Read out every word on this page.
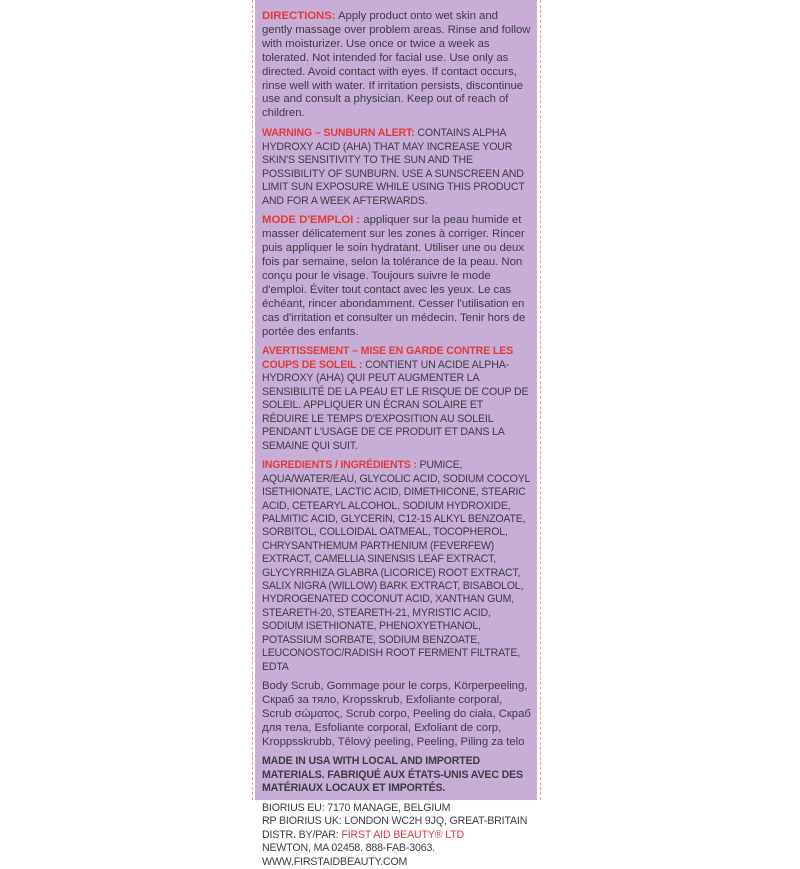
DIRECTIONS: Apply product onto wet skin and gently massage over problem areas. Rinse and follow with moisturizer. Use once or twice a week as tolerated. Not intended for facial use. Use only as directed. Avoid contact with eyes. If contact occurs, rinse well with water. If irritation persists, discontinue use and consult a physician. Keep out of reach of children.

WARNING – SUNBURN ALERT: CONTAINS ALPHA HYDROXY ACID (AHA) THAT MAY INCREASE YOUR SKIN'S SENSITIVITY TO THE SUN AND THE POSSIBILITY OF SUNBURN. USE A SUNSCREEN AND LIMIT SUN EXPOSURE WHILE USING THIS PRODUCT AND FOR A WEEK AFTERWARDS.

MODE D'EMPLOI : appliquer sur la peau humide et masser délicatement sur les zones à corriger. Rincer puis appliquer le soin hydratant. Utiliser une ou deux fois par semaine, selon la tolérance de la peau. Non conçu pour le visage. Toujours suivre le mode d'emploi. Éviter tout contact avec les yeux. Le cas échéant, rincer abondamment. Cesser l'utilisation en cas d'irritation et consulter un médecin. Tenir hors de portée des enfants.

AVERTISSEMENT – MISE EN GARDE CONTRE LES COUPS DE SOLEIL : CONTIENT UN ACIDE ALPHA-HYDROXY (AHA) QUI PEUT AUGMENTER LA SENSIBILITÉ DE LA PEAU ET LE RISQUE DE COUP DE SOLEIL. APPLIQUER UN ÉCRAN SOLAIRE ET RÉDUIRE LE TEMPS D'EXPOSITION AU SOLEIL PENDANT L'USAGE DE CE PRODUIT ET DANS LA SEMAINE QUI SUIT.

INGREDIENTS / INGRÉDIENTS : PUMICE, AQUA/WATER/EAU, GLYCOLIC ACID, SODIUM COCOYL ISETHIONATE, LACTIC ACID, DIMETHICONE, STEARIC ACID, CETEARYL ALCOHOL, SODIUM HYDROXIDE, PALMITIC ACID, GLYCERIN, C12-15 ALKYL BENZOATE, SORBITOL, COLLOIDAL OATMEAL, TOCOPHEROL, CHRYSANTHEMUM PARTHENIUM (FEVERFEW) EXTRACT, CAMELLIA SINENSIS LEAF EXTRACT, GLYCYRRHIZA GLABRA (LICORICE) ROOT EXTRACT, SALIX NIGRA (WILLOW) BARK EXTRACT, BISABOLOL, HYDROGENATED COCONUT ACID, XANTHAN GUM, STEARETH-20, STEARETH-21, MYRISTIC ACID, SODIUM ISETHIONATE, PHENOXYETHANOL, POTASSIUM SORBATE, SODIUM BENZOATE, LEUCONOSTOC/RADISH ROOT FERMENT FILTRATE, EDTA

Body Scrub, Gommage pour le corps, Körperpeeling, Скраб за тяло, Kropsskrub, Exfoliante corporal, Scrub σώματος, Scrub corpo, Peeling do ciała, Скраб для тела, Esfoliante corporal, Exfoliant de corp, Kroppsskrubb, Tělový peeling, Peeling, Piling za telo

MADE IN USA WITH LOCAL AND IMPORTED MATERIALS. FABRIQUÉ AUX ÉTATS-UNIS AVEC DES MATÉRIAUX LOCAUX ET IMPORTÉS.

BIORIUS EU: 7170 MANAGE, BELGIUM
RP BIORIUS UK: LONDON WC2H 9JQ, GREAT-BRITAIN
DISTR. BY/PAR: FIRST AID BEAUTY® LTD
NEWTON, MA 02458. 888-FAB-3063.
WWW.FIRSTAIDBEAUTY.COM
